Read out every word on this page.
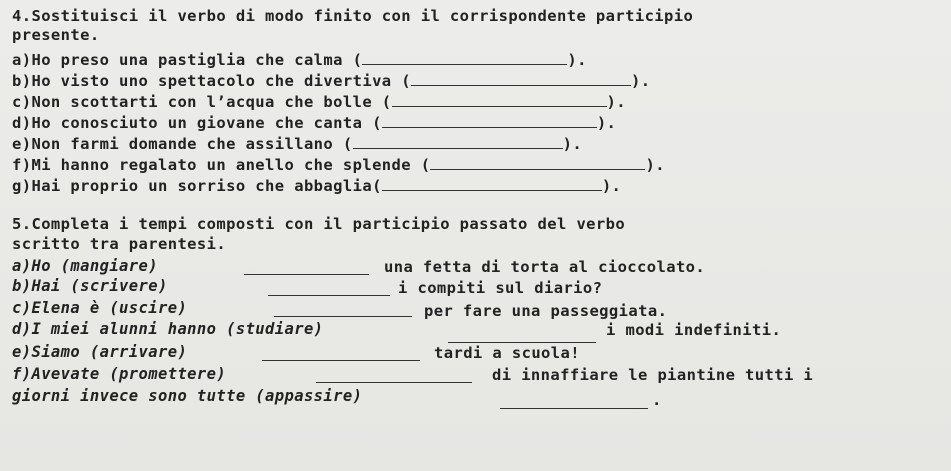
4.Sostituisci il verbo di modo finito con il corrispondente participio
presente.
a)Ho preso una pastiglia che calma (	).
b)Ho visto uno spettacolo che divertiva (	).
c)Non scottarti con l’acqua che bolle (	).
d)Ho conosciuto un giovane che canta (	).
e)Non farmi domande che assillano (	).
f)Mi hanno regalato un anello che splende (	).
g)Hai proprio un sorriso che abbaglia(	).
5.Completa i tempi composti con il participio passato del verbo
scritto tra parentesi.
a)Ho (mangiare)	una fetta di torta al cioccolato.
b)Hai (scrivere)	i compiti sul diario?
c)Elena è (uscire)	per fare una passeggiata.
d)I miei alunni hanno (studiare)	i modi indefiniti.
e)Siamo (arrivare)	tardi a scuola!
f)Avevate (promettere)	di innaffiare le piantine tutti i
giorni invece sono tutte (appassire)	.
